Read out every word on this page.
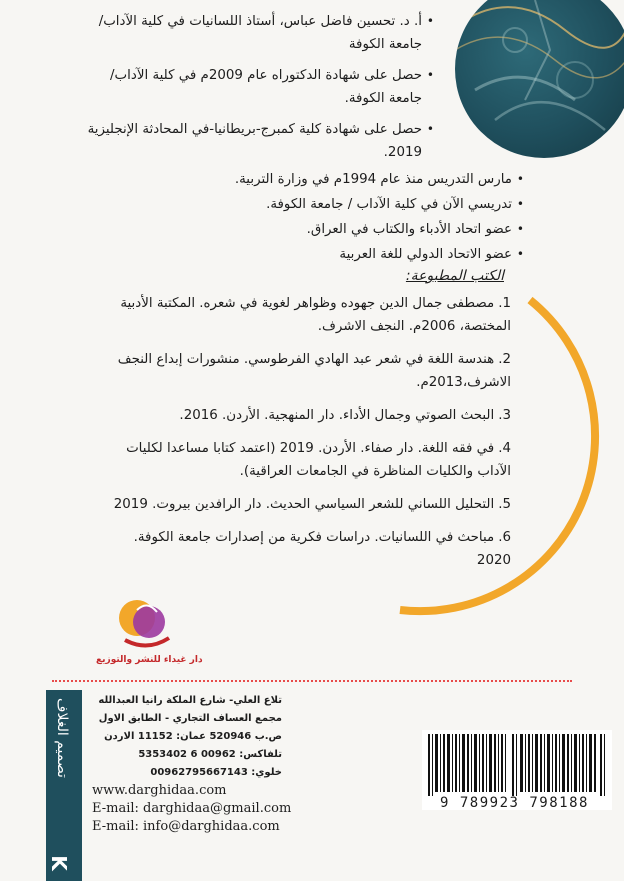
• أ. د. تحسين فاضل عباس، أستاذ اللسانيات في كلية الآداب/ جامعة الكوفة
• حصل على شهادة الدكتوراه عام 2009م في كلية الآداب/ جامعة الكوفة.
• حصل على شهادة كلية كمبرج-بريطانيا-في المحادثة الإنجليزية 2019.
• مارس التدريس منذ عام 1994م في وزارة التربية.
• تدريسي الآن في كلية الآداب / جامعة الكوفة.
• عضو اتحاد الأدباء والكتاب في العراق.
• عضو الاتحاد الدولي للغة العربية
الكتب المطبوعة:
1.مصطفى جمال الدين جهوده وظواهر لغوية في شعره. المكتبة الأدبية المختصة، 2006م. النجف الاشرف.
2.هندسة اللغة في شعر عبد الهادي الفرطوسي. منشورات إبداع النجف الاشرف،2013م.
3.البحث الصوتي وجمال الأداء. دار المنهجية. الأردن. 2016.
4.في فقه اللغة. دار صفاء. الأردن. 2019 (اعتمد كتابا مساعدا لكليات الآداب والكليات المناظرة في الجامعات العراقية).
5.التحليل اللساني للشعر السياسي الحديث. دار الرافدين بيروت. 2019
6.مباحث في اللسانيات. دراسات فكرية من إصدارات جامعة الكوفة. 2020
دار غيداء للنشر والتوزيع
تصميم الغلاف
K
تلاع العلي- شارع الملكة رانيا العبدالله
مجمع العساف التجاري - الطابق الاول
ص.ب 520946 عمان: 11152 الاردن
تلفاكس: 00962 6 5353402
خلوي: 00962795667143
www.darghidaa.com
E-mail: darghidaa@gmail.com
E-mail: info@darghidaa.com
9 789923 798188
